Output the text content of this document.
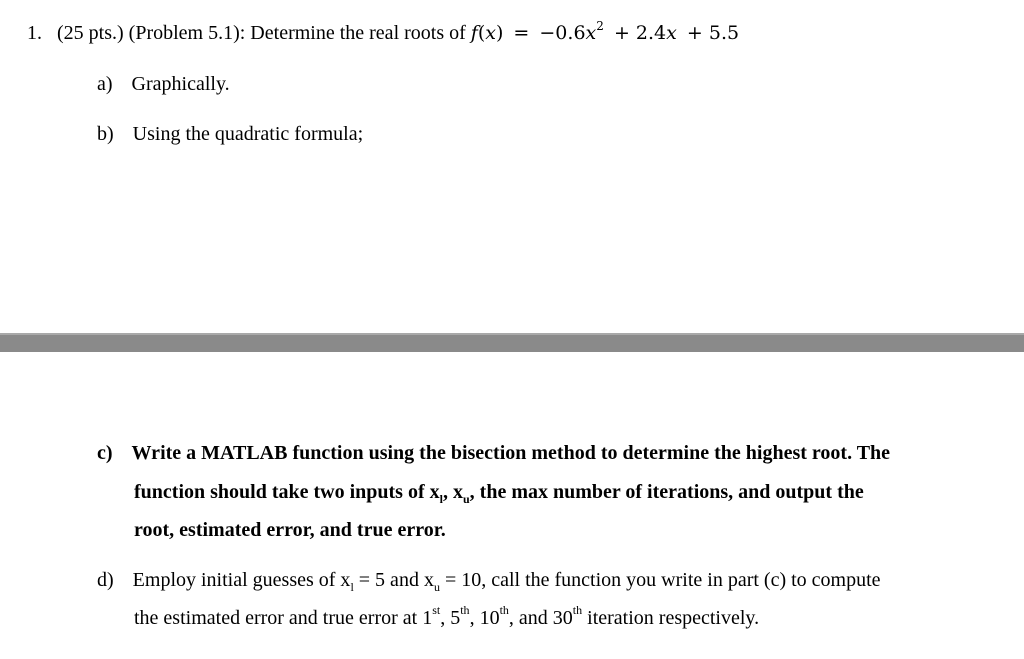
1. (25 pts.) (Problem 5.1): Determine the real roots of $f(x) = -0.6x^2 + 2.4x + 5.5$
a) Graphically.
b) Using the quadratic formula;
c) Write a MATLAB function using the bisection method to determine the highest root. The
function should take two inputs of $x_l$, $x_u$, the max number of iterations, and output the
root, estimated error, and true error.
d) Employ initial guesses of $x_l = 5$ and $x_u = 10$, call the function you write in part (c) to compute
the estimated error and true error at 1st, 5th, 10th, and 30th iteration respectively.
